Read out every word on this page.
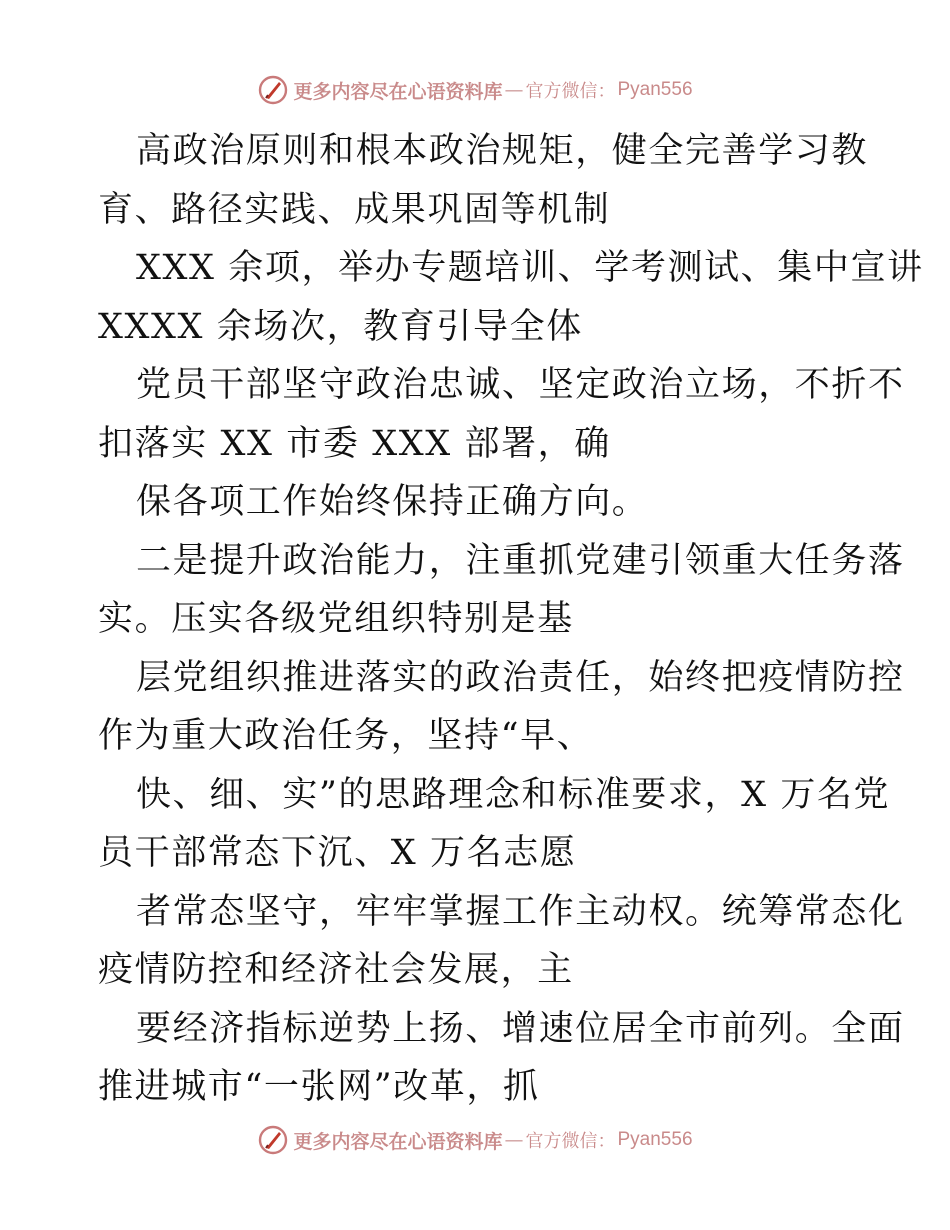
更多内容尽在心语资料库 — 官方微信： Pyan556
高政治原则和根本政治规矩，健全完善学习教
育、路径实践、成果巩固等机制
XXX 余项，举办专题培训、学考测试、集中宣讲
XXXX 余场次，教育引导全体
党员干部坚守政治忠诚、坚定政治立场，不折不
扣落实 XX 市委 XXX 部署，确
保各项工作始终保持正确方向。
二是提升政治能力，注重抓党建引领重大任务落
实。压实各级党组织特别是基
层党组织推进落实的政治责任，始终把疫情防控
作为重大政治任务，坚持“早、
快、细、实”的思路理念和标准要求，X 万名党
员干部常态下沉、X 万名志愿
者常态坚守，牢牢掌握工作主动权。统筹常态化
疫情防控和经济社会发展，主
要经济指标逆势上扬、增速位居全市前列。全面
推进城市“一张网”改革，抓
更多内容尽在心语资料库 — 官方微信： Pyan556
